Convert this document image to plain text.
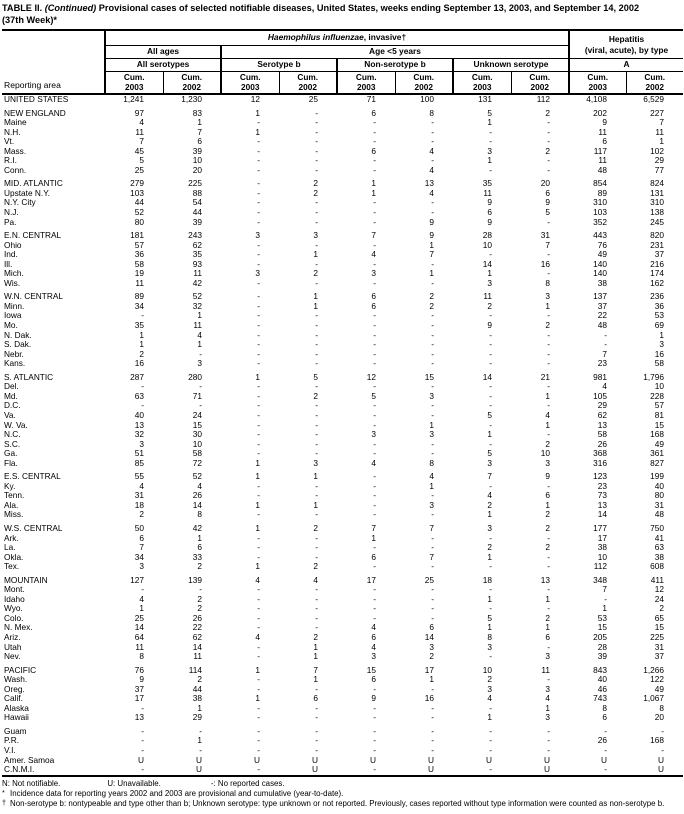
TABLE II. (Continued) Provisional cases of selected notifiable diseases, United States, weeks ending September 13, 2003, and September 14, 2002
(37th Week)*
Reporting area	Haemophilus influenzae, invasive†								Hepatitis
(viral, acute), by type	

	All ages		Age <5 years							
	All serotypes		Serotype b		Non-serotype b		Unknown serotype		A	

Cum.
2003

Cum.
2002

Cum.
2003

Cum.
2002

Cum.
2003

Cum.
2002

Cum.
2003

Cum.
2002

Cum.
2003

Cum.
2002

UNITED STATES	1,241	1,230	12	25	71	100	131	112	4,108	6,529
NEW ENGLAND	97	83	1	-	6	8	5	2	202	227
Maine	4	1	-	-	-	-	1	-	9	7
N.H.	11	7	1	-	-	-	-	-	11	11
Vt.	7	6	-	-	-	-	-	-	6	1
Mass.	45	39	-	-	6	4	3	2	117	102
R.I.	5	10	-	-	-	-	1	-	11	29
Conn.	25	20	-	-	-	4	-	-	48	77
MID. ATLANTIC	279	225	-	2	1	13	35	20	854	824
Upstate N.Y.	103	88	-	2	1	4	11	6	89	131
N.Y. City	44	54	-	-	-	-	9	9	310	310
N.J.	52	44	-	-	-	-	6	5	103	138
Pa.	80	39	-	-	-	9	9	-	352	245
E.N. CENTRAL	181	243	3	3	7	9	28	31	443	820
Ohio	57	62	-	-	-	1	10	7	76	231
Ind.	36	35	-	1	4	7	-	-	49	37
Ill.	58	93	-	-	-	-	14	16	140	216
Mich.	19	11	3	2	3	1	1	-	140	174
Wis.	11	42	-	-	-	-	3	8	38	162
W.N. CENTRAL	89	52	-	1	6	2	11	3	137	236
Minn.	34	32	-	1	6	2	2	1	37	36
Iowa	-	1	-	-	-	-	-	-	22	53
Mo.	35	11	-	-	-	-	9	2	48	69
N. Dak.	1	4	-	-	-	-	-	-	-	1
S. Dak.	1	1	-	-	-	-	-	-	-	3
Nebr.	2	-	-	-	-	-	-	-	7	16
Kans.	16	3	-	-	-	-	-	-	23	58
S. ATLANTIC	287	280	1	5	12	15	14	21	981	1,796
Del.	-	-	-	-	-	-	-	-	4	10
Md.	63	71	-	2	5	3	-	1	105	228
D.C.	-	-	-	-	-	-	-	-	29	57
Va.	40	24	-	-	-	-	5	4	62	81
W. Va.	13	15	-	-	-	1	-	1	13	15
N.C.	32	30	-	-	3	3	1	-	58	168
S.C.	3	10	-	-	-	-	-	2	26	49
Ga.	51	58	-	-	-	-	5	10	368	361
Fla.	85	72	1	3	4	8	3	3	316	827
E.S. CENTRAL	55	52	1	1	-	4	7	9	123	199
Ky.	4	4	-	-	-	1	-	-	23	40
Tenn.	31	26	-	-	-	-	4	6	73	80
Ala.	18	14	1	1	-	3	2	1	13	31
Miss.	2	8	-	-	-	-	1	2	14	48
W.S. CENTRAL	50	42	1	2	7	7	3	2	177	750
Ark.	6	1	-	-	1	-	-	-	17	41
La.	7	6	-	-	-	-	2	2	38	63
Okla.	34	33	-	-	6	7	1	-	10	38
Tex.	3	2	1	2	-	-	-	-	112	608
MOUNTAIN	127	139	4	4	17	25	18	13	348	411
Mont.	-	-	-	-	-	-	-	-	7	12
Idaho	4	2	-	-	-	-	1	1	-	24
Wyo.	1	2	-	-	-	-	-	-	1	2
Colo.	25	26	-	-	-	-	5	2	53	65
N. Mex.	14	22	-	-	4	6	1	1	15	15
Ariz.	64	62	4	2	6	14	8	6	205	225
Utah	11	14	-	1	4	3	3	-	28	31
Nev.	8	11	-	1	3	2	-	3	39	37
PACIFIC	76	114	1	7	15	17	10	11	843	1,266
Wash.	9	2	-	1	6	1	2	-	40	122
Oreg.	37	44	-	-	-	-	3	3	46	49
Calif.	17	38	1	6	9	16	4	4	743	1,067
Alaska	-	1	-	-	-	-	-	1	8	8
Hawaii	13	29	-	-	-	-	1	3	6	20
Guam	-	-	-	-	-	-	-	-	-	-
P.R.	-	1	-	-	-	-	-	-	26	168
V.I.	-	-	-	-	-	-	-	-	-	-
Amer. Samoa	U	U	U	U	U	U	U	U	U	U
C.N.M.I.	-	U	-	U	-	U	-	U	-	U
N: Not notifiable.	U: Unavailable.	-: No reported cases.
* Incidence data for reporting years 2002 and 2003 are provisional and cumulative (year-to-date).
† Non-serotype b: nontypeable and type other than b; Unknown serotype: type unknown or not reported. Previously, cases reported without type information were counted as non-serotype b.
